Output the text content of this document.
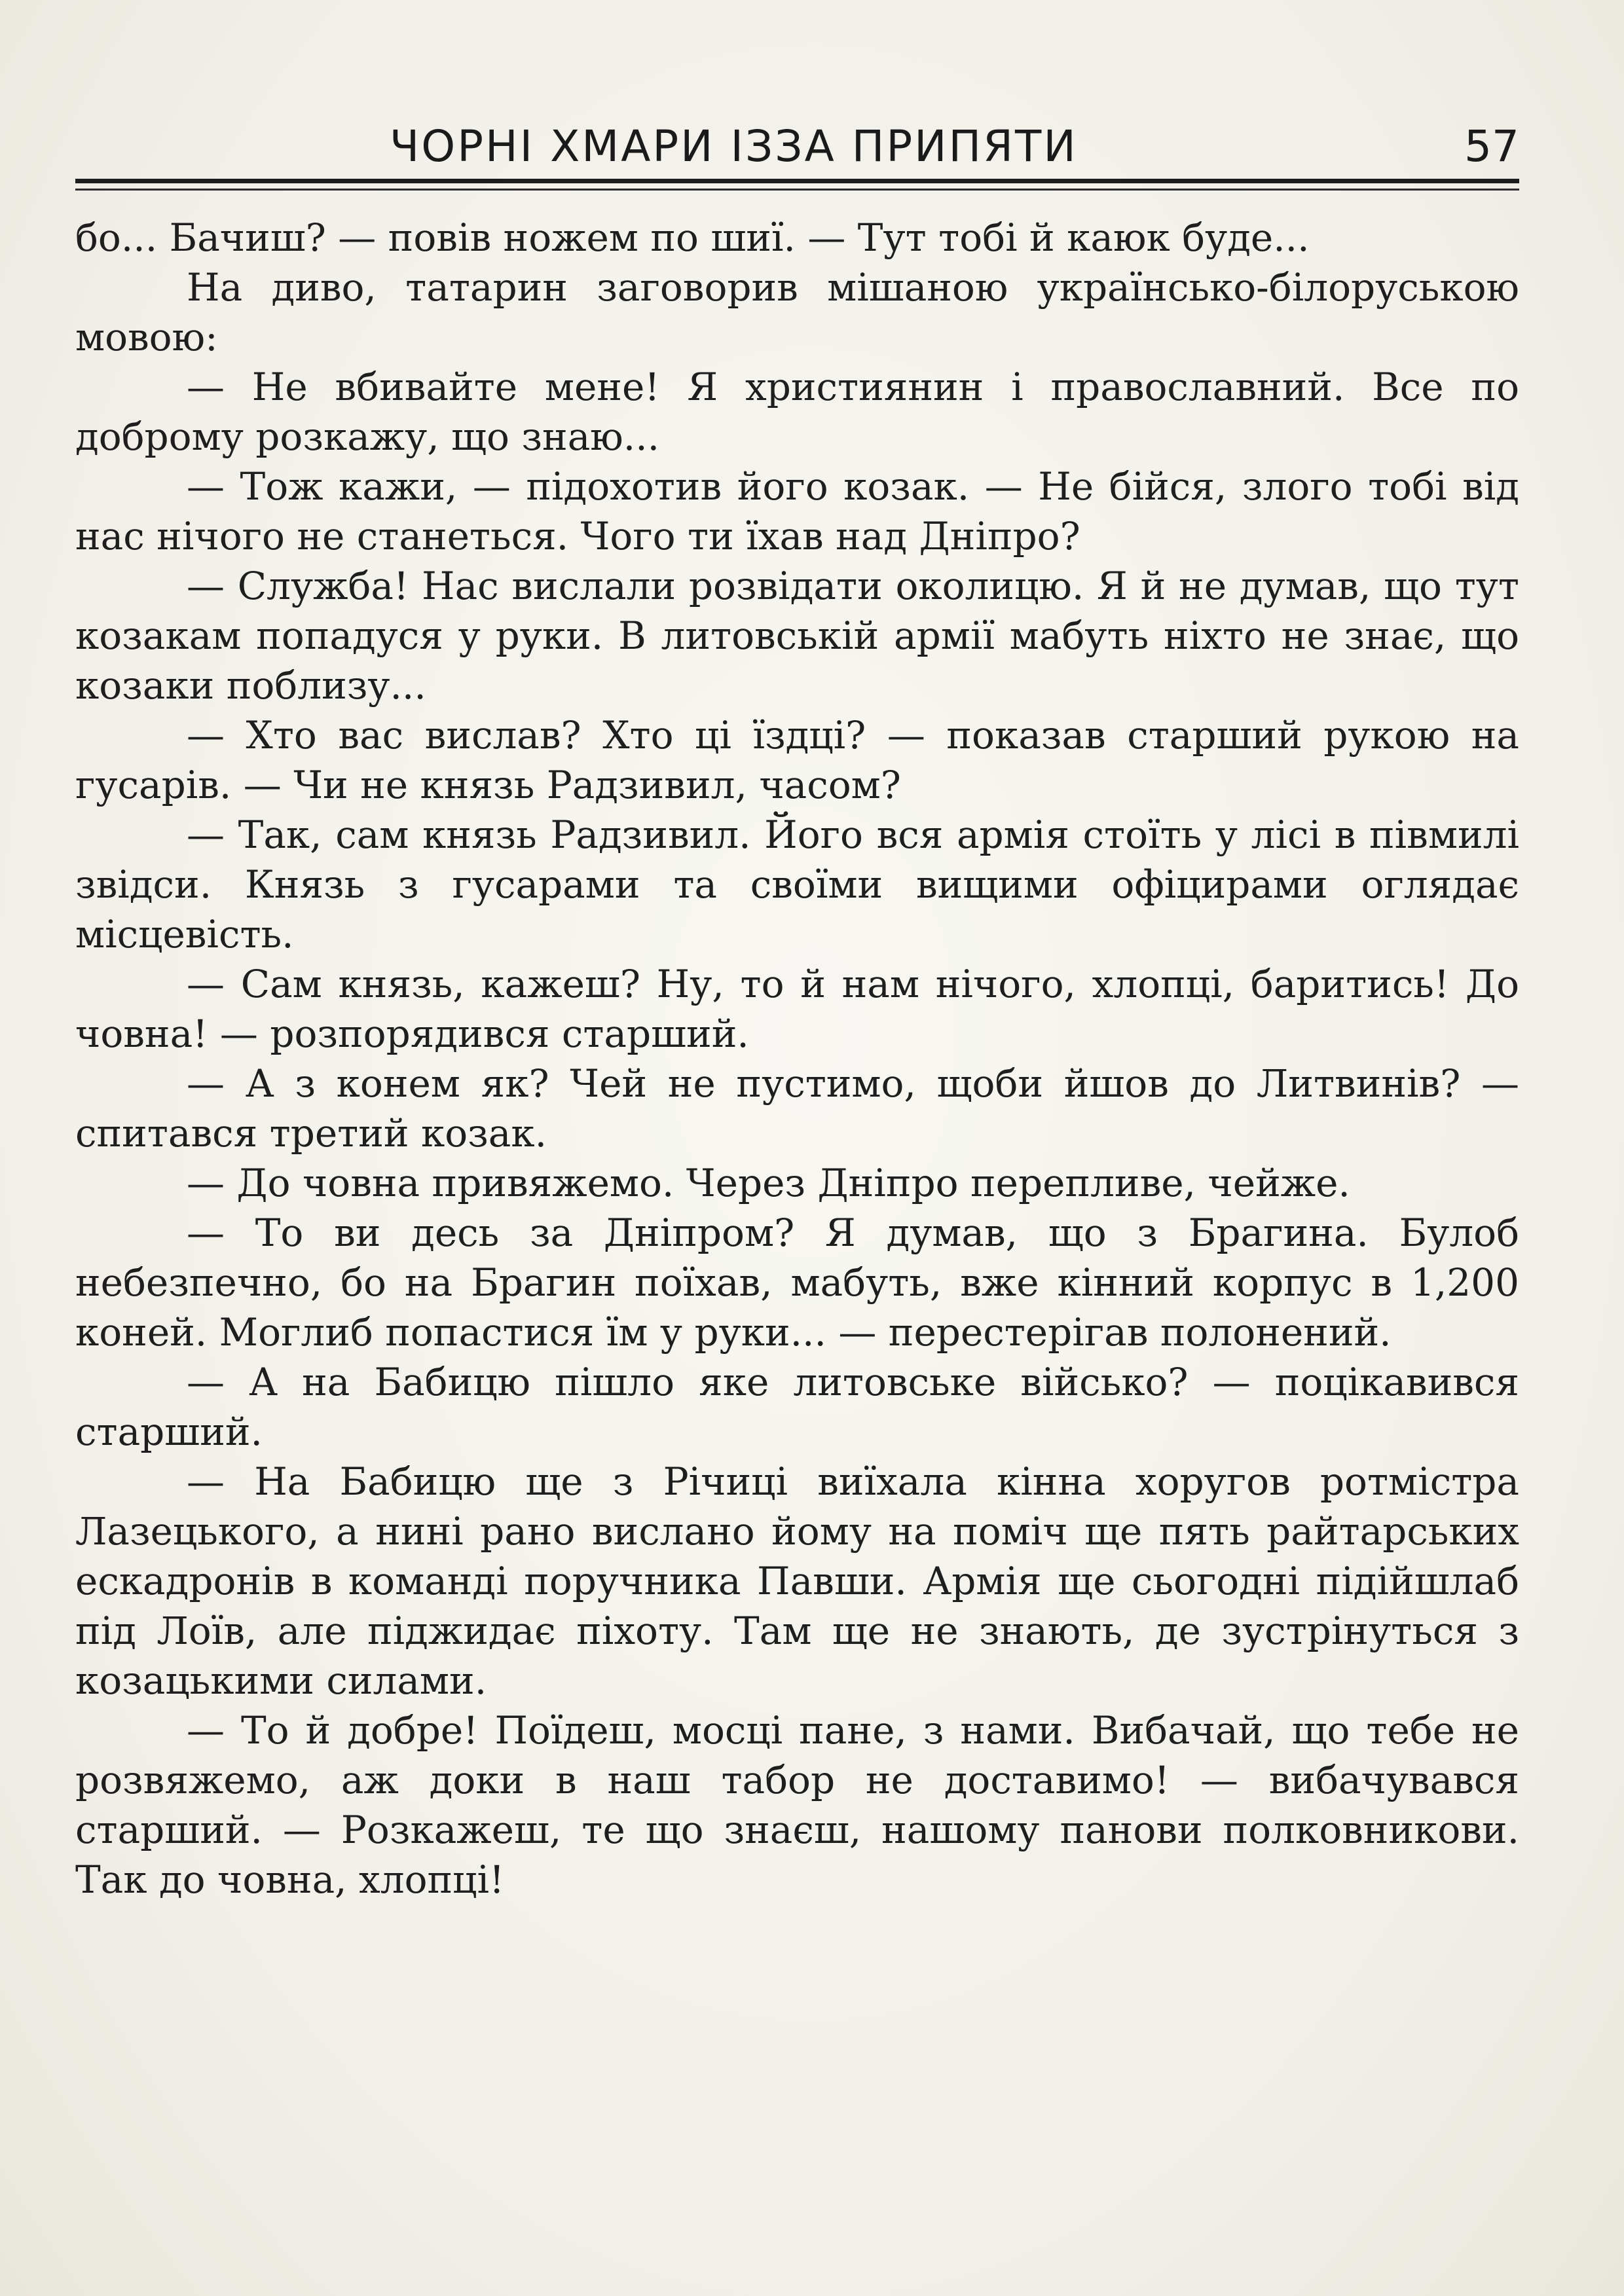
ЧОРНІ ХМАРИ ІЗЗА ПРИПЯТИ	57

бо... Бачиш? — повів ножем по шиї. — Тут тобі й каюк буде...

На диво, татарин заговорив мішаною українсько-білоруською мовою:

— Не вбивайте мене! Я християнин і православний. Все по доброму розкажу, що знаю...

— Тож кажи, — підохотив його козак. — Не бійся, злого тобі від нас нічого не станеться. Чого ти їхав над Дніпро?

— Служба! Нас вислали розвідати околицю. Я й не думав, що тут козакам попадуся у руки. В литовській армії мабуть ніхто не знає, що козаки поблизу...

— Хто вас вислав? Хто ці їздці? — показав старший рукою на гусарів. — Чи не князь Радзивил, часом?

— Так, сам князь Радзивил. Його вся армія стоїть у лісі в півмилі звідси. Князь з гусарами та своїми вищими офіцирами оглядає місцевість.

— Сам князь, кажеш? Ну, то й нам нічого, хлопці, баритись! До човна! — розпорядився старший.

— А з конем як? Чей не пустимо, щоби йшов до Литвинів? — спитався третий козак.

— До човна привяжемо. Через Дніпро перепливе, чейже.

— То ви десь за Дніпром? Я думав, що з Брагина. Булоб небезпечно, бо на Брагин поїхав, мабуть, вже кінний корпус в 1,200 коней. Моглиб попастися їм у руки... — перестерігав полонений.

— А на Бабицю пішло яке литовське військо? — поцікавився старший.

— На Бабицю ще з Річиці виїхала кінна хоругов ротмістра Лазецького, а нині рано вислано йому на поміч ще пять райтарських ескадронів в команді поручника Павши. Армія ще сьогодні підійшлаб під Лоїв, але пiджидає піхоту. Там ще не знають, де зустрінуться з козацькими силами.

— То й добре! Поїдеш, мосці пане, з нами. Вибачай, що тебе не розвяжемо, аж доки в наш табор не доставимо! — вибачувався старший. — Розкажеш, те що знаєш, нашому панови полковникови. Так до човна, хлопці!
